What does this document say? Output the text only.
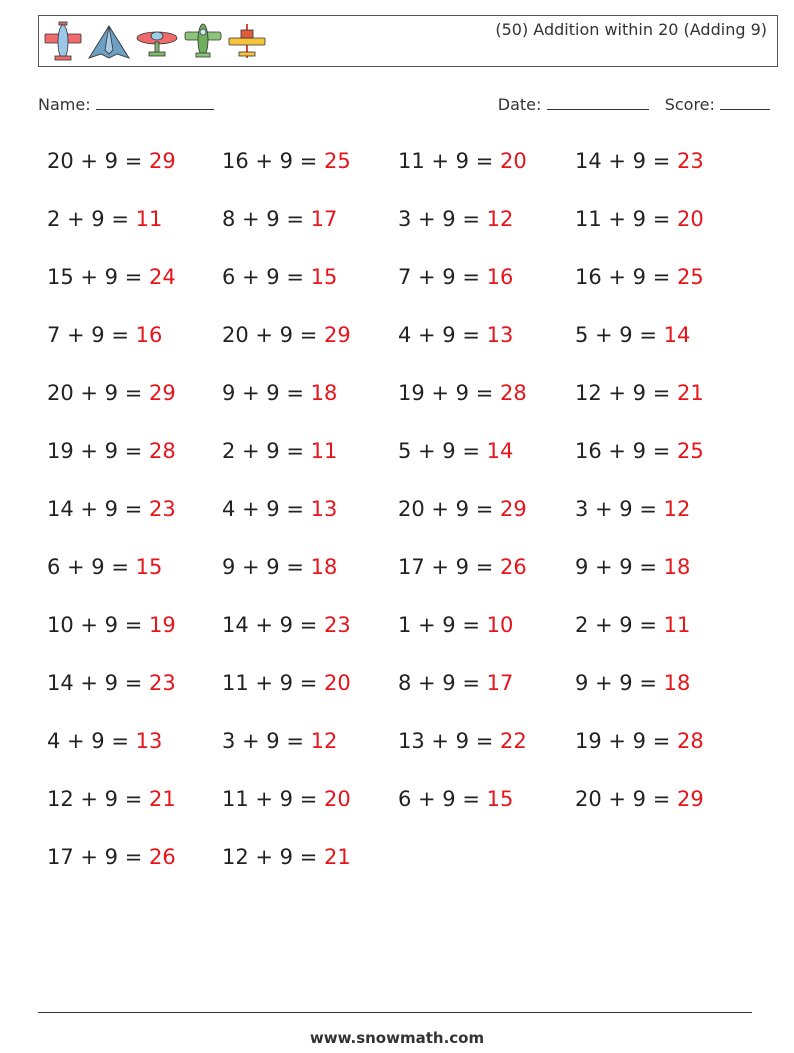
(50) Addition within 20 (Adding 9)
Name:	Date:	Score:
20 + 9 = 29	16 + 9 = 25	11 + 9 = 20	14 + 9 = 23
2 + 9 = 11	8 + 9 = 17	3 + 9 = 12	11 + 9 = 20
15 + 9 = 24	6 + 9 = 15	7 + 9 = 16	16 + 9 = 25
7 + 9 = 16	20 + 9 = 29	4 + 9 = 13	5 + 9 = 14
20 + 9 = 29	9 + 9 = 18	19 + 9 = 28	12 + 9 = 21
19 + 9 = 28	2 + 9 = 11	5 + 9 = 14	16 + 9 = 25
14 + 9 = 23	4 + 9 = 13	20 + 9 = 29	3 + 9 = 12
6 + 9 = 15	9 + 9 = 18	17 + 9 = 26	9 + 9 = 18
10 + 9 = 19	14 + 9 = 23	1 + 9 = 10	2 + 9 = 11
14 + 9 = 23	11 + 9 = 20	8 + 9 = 17	9 + 9 = 18
4 + 9 = 13	3 + 9 = 12	13 + 9 = 22	19 + 9 = 28
12 + 9 = 21	11 + 9 = 20	6 + 9 = 15	20 + 9 = 29
17 + 9 = 26	12 + 9 = 21
www.snowmath.com
